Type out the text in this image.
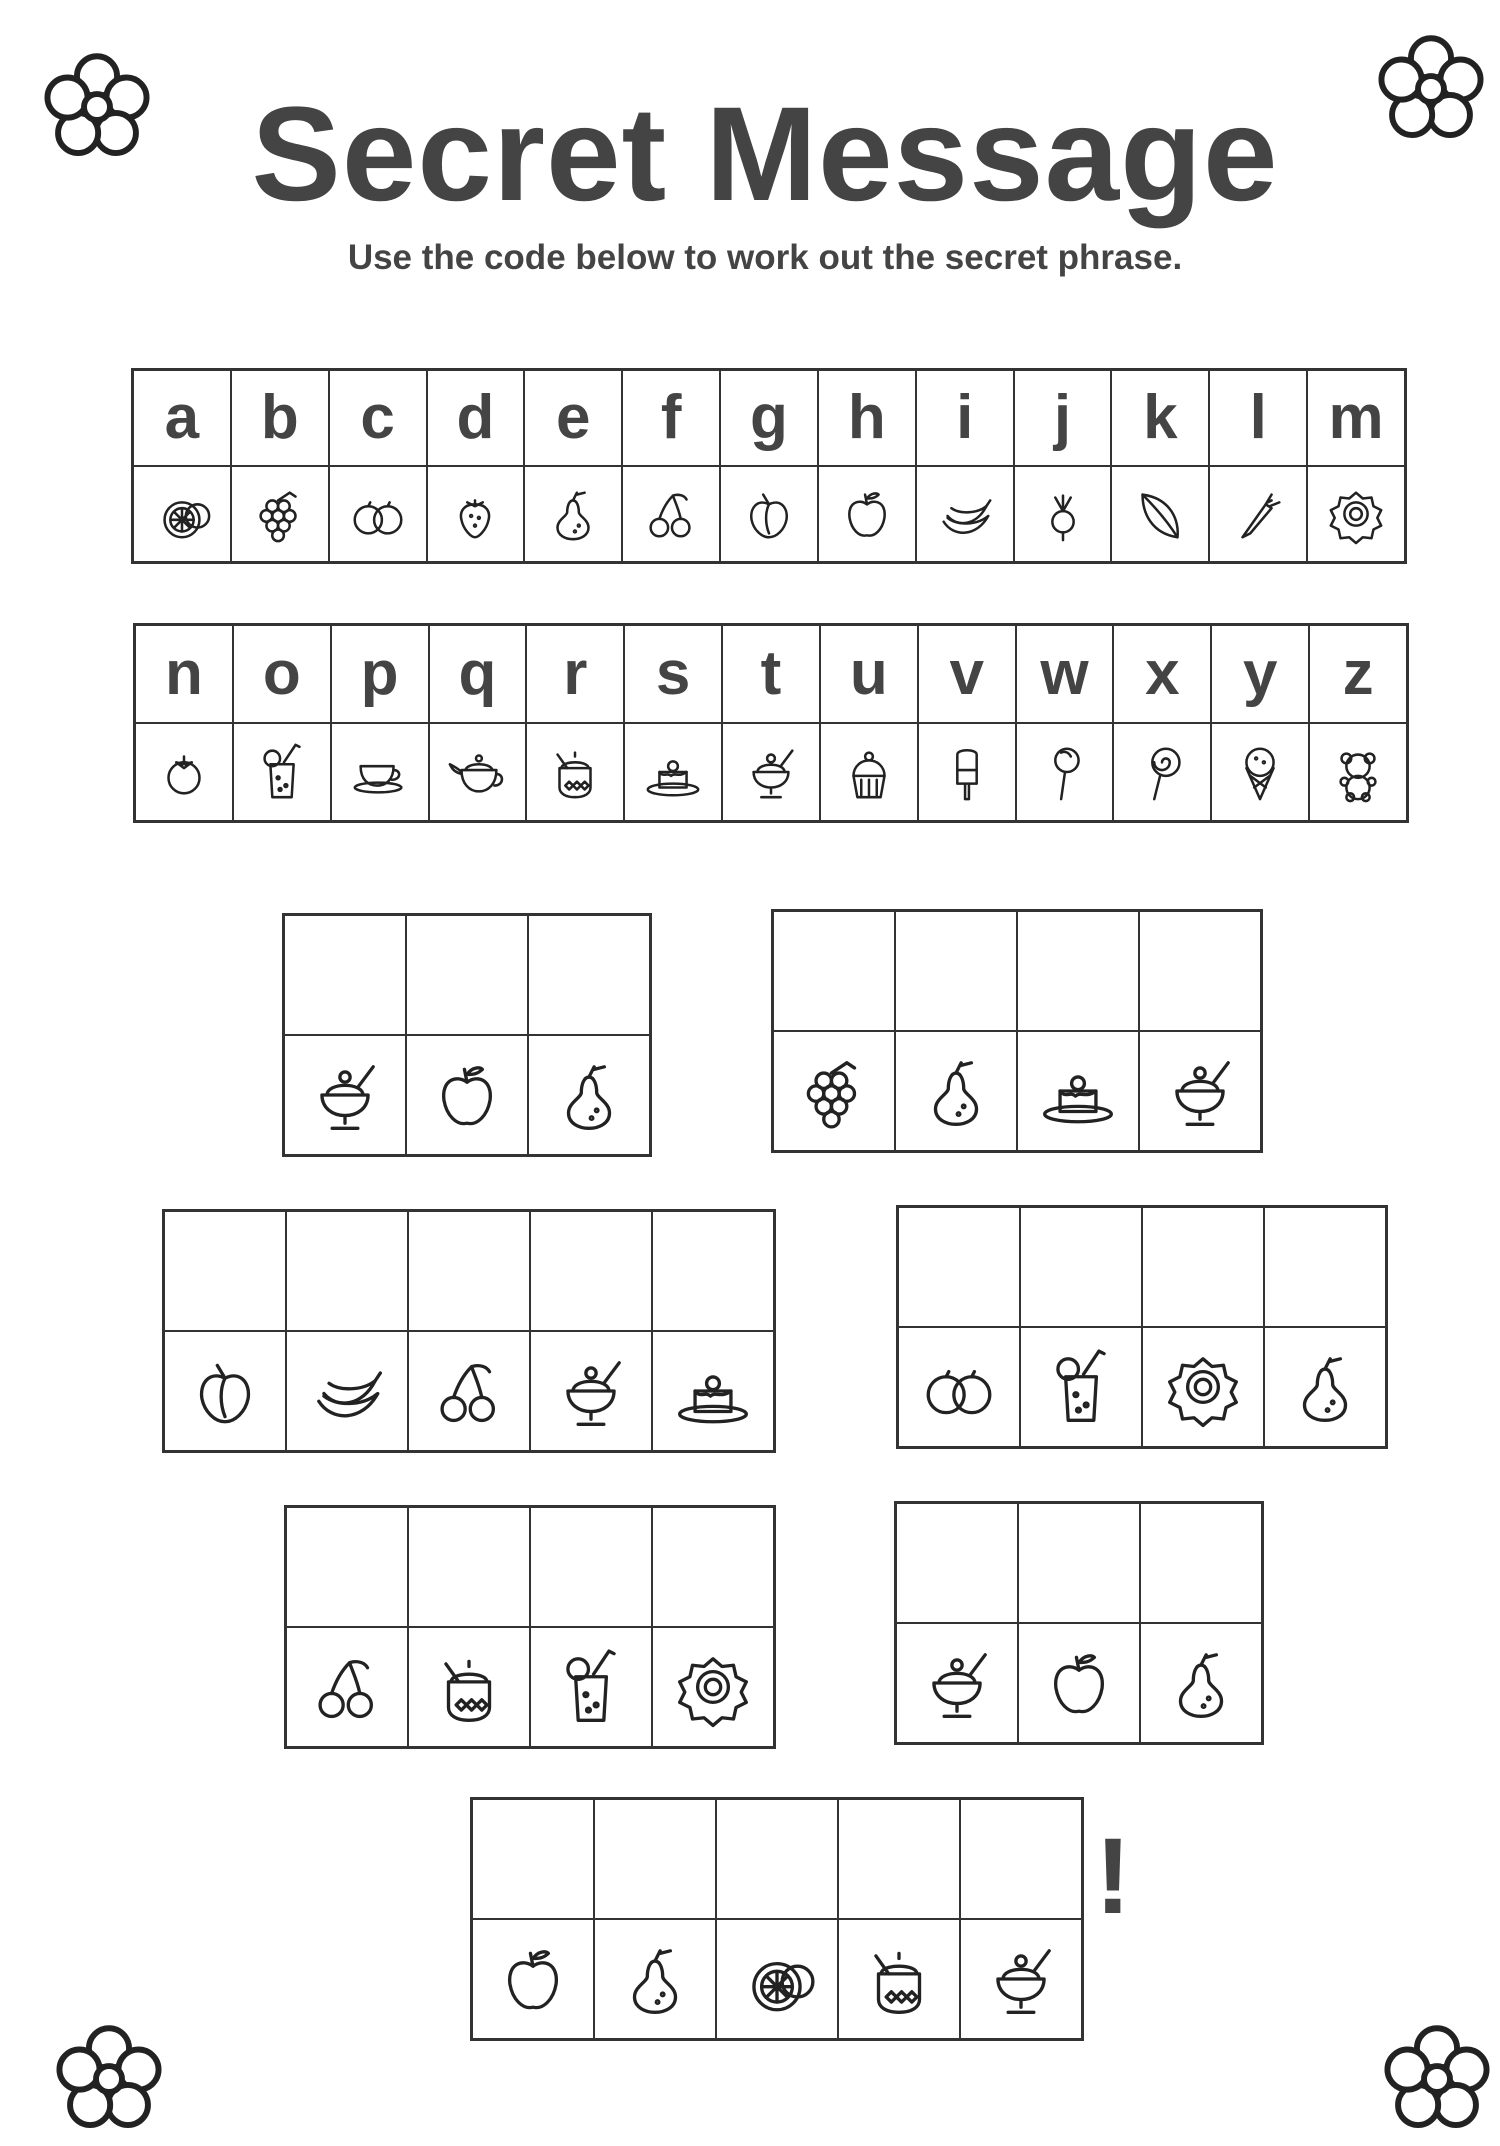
Secret Message
Use the code below to work out the secret phrase.
a b c d e f g h i j k l m
n o p q r s t u v w x y z
!
